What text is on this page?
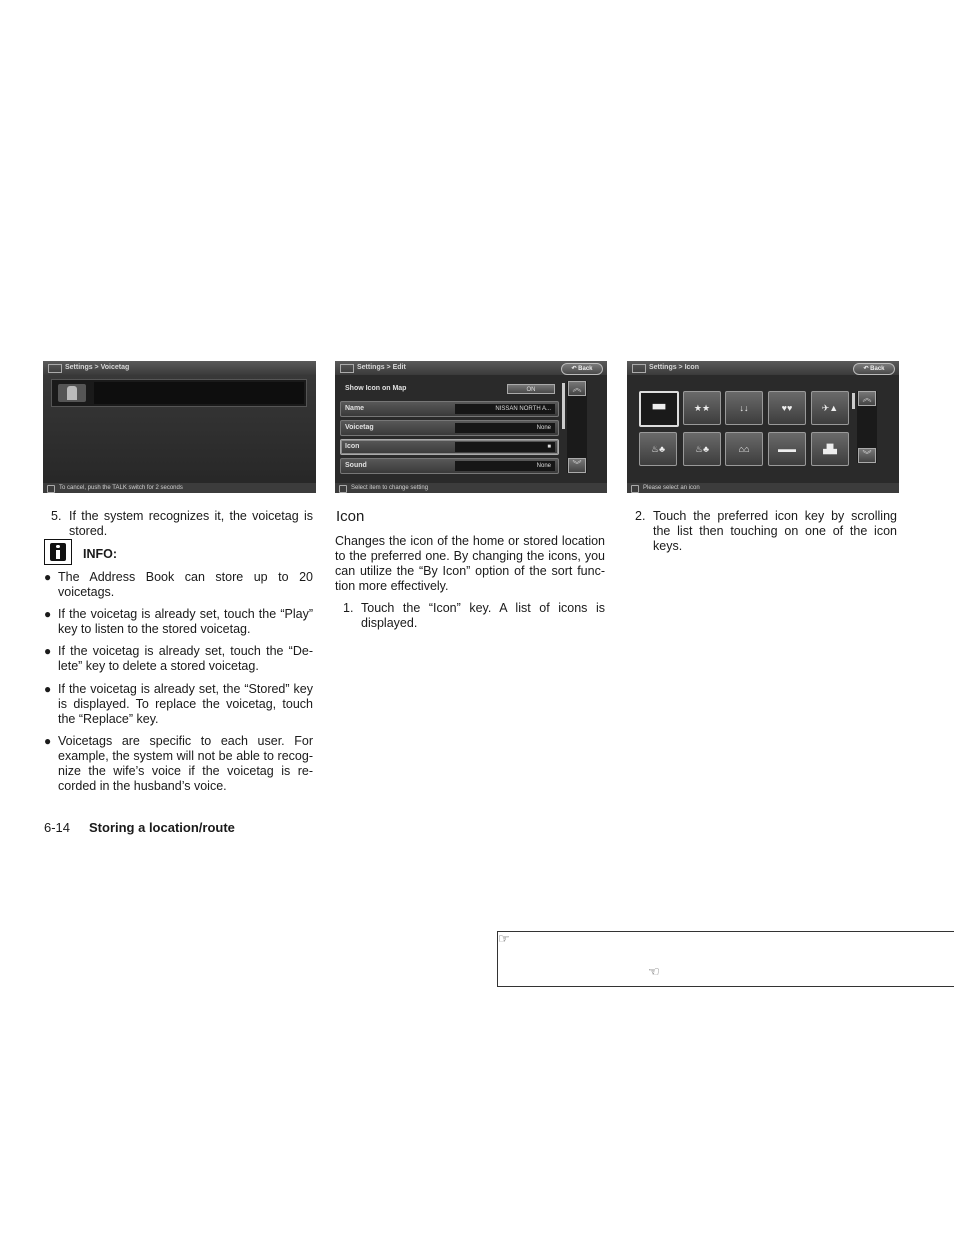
Settings > Voicetag
To cancel, push the TALK switch for 2 seconds
Settings > Edit	↶ Back
Show Icon on Map	ON
Name	NISSAN NORTH A...
Voicetag	None
Icon	■
Sound	None
︽
︾
Select item to change setting
Settings > Icon	↶ Back
▀▀	★★	↓↓	♥♥	✈▲
♨♣	♨♣	⌂⌂	▬▬	▟▙
︽
︾
Please select an icon
5. If the system recognizes it, the voicetag is stored.
INFO:
● The Address Book can store up to 20 voicetags.
● If the voicetag is already set, touch the “Play” key to listen to the stored voicetag.
● If the voicetag is already set, touch the “De-lete” key to delete a stored voicetag.
● If the voicetag is already set, the “Stored” key is displayed. To replace the voicetag, touch the “Replace” key.
● Voicetags are specific to each user. For example, the system will not be able to recog-nize the wife’s voice if the voicetag is re-corded in the husband’s voice.
Icon
Changes the icon of the home or stored location to the preferred one. By changing the icons, you can utilize the “By Icon” option of the sort func-tion more effectively.
1. Touch the “Icon” key. A list of icons is displayed.
2. Touch the preferred icon key by scrolling the list then touching on one of the icon keys.
6-14 Storing a location/route
☞
☜
